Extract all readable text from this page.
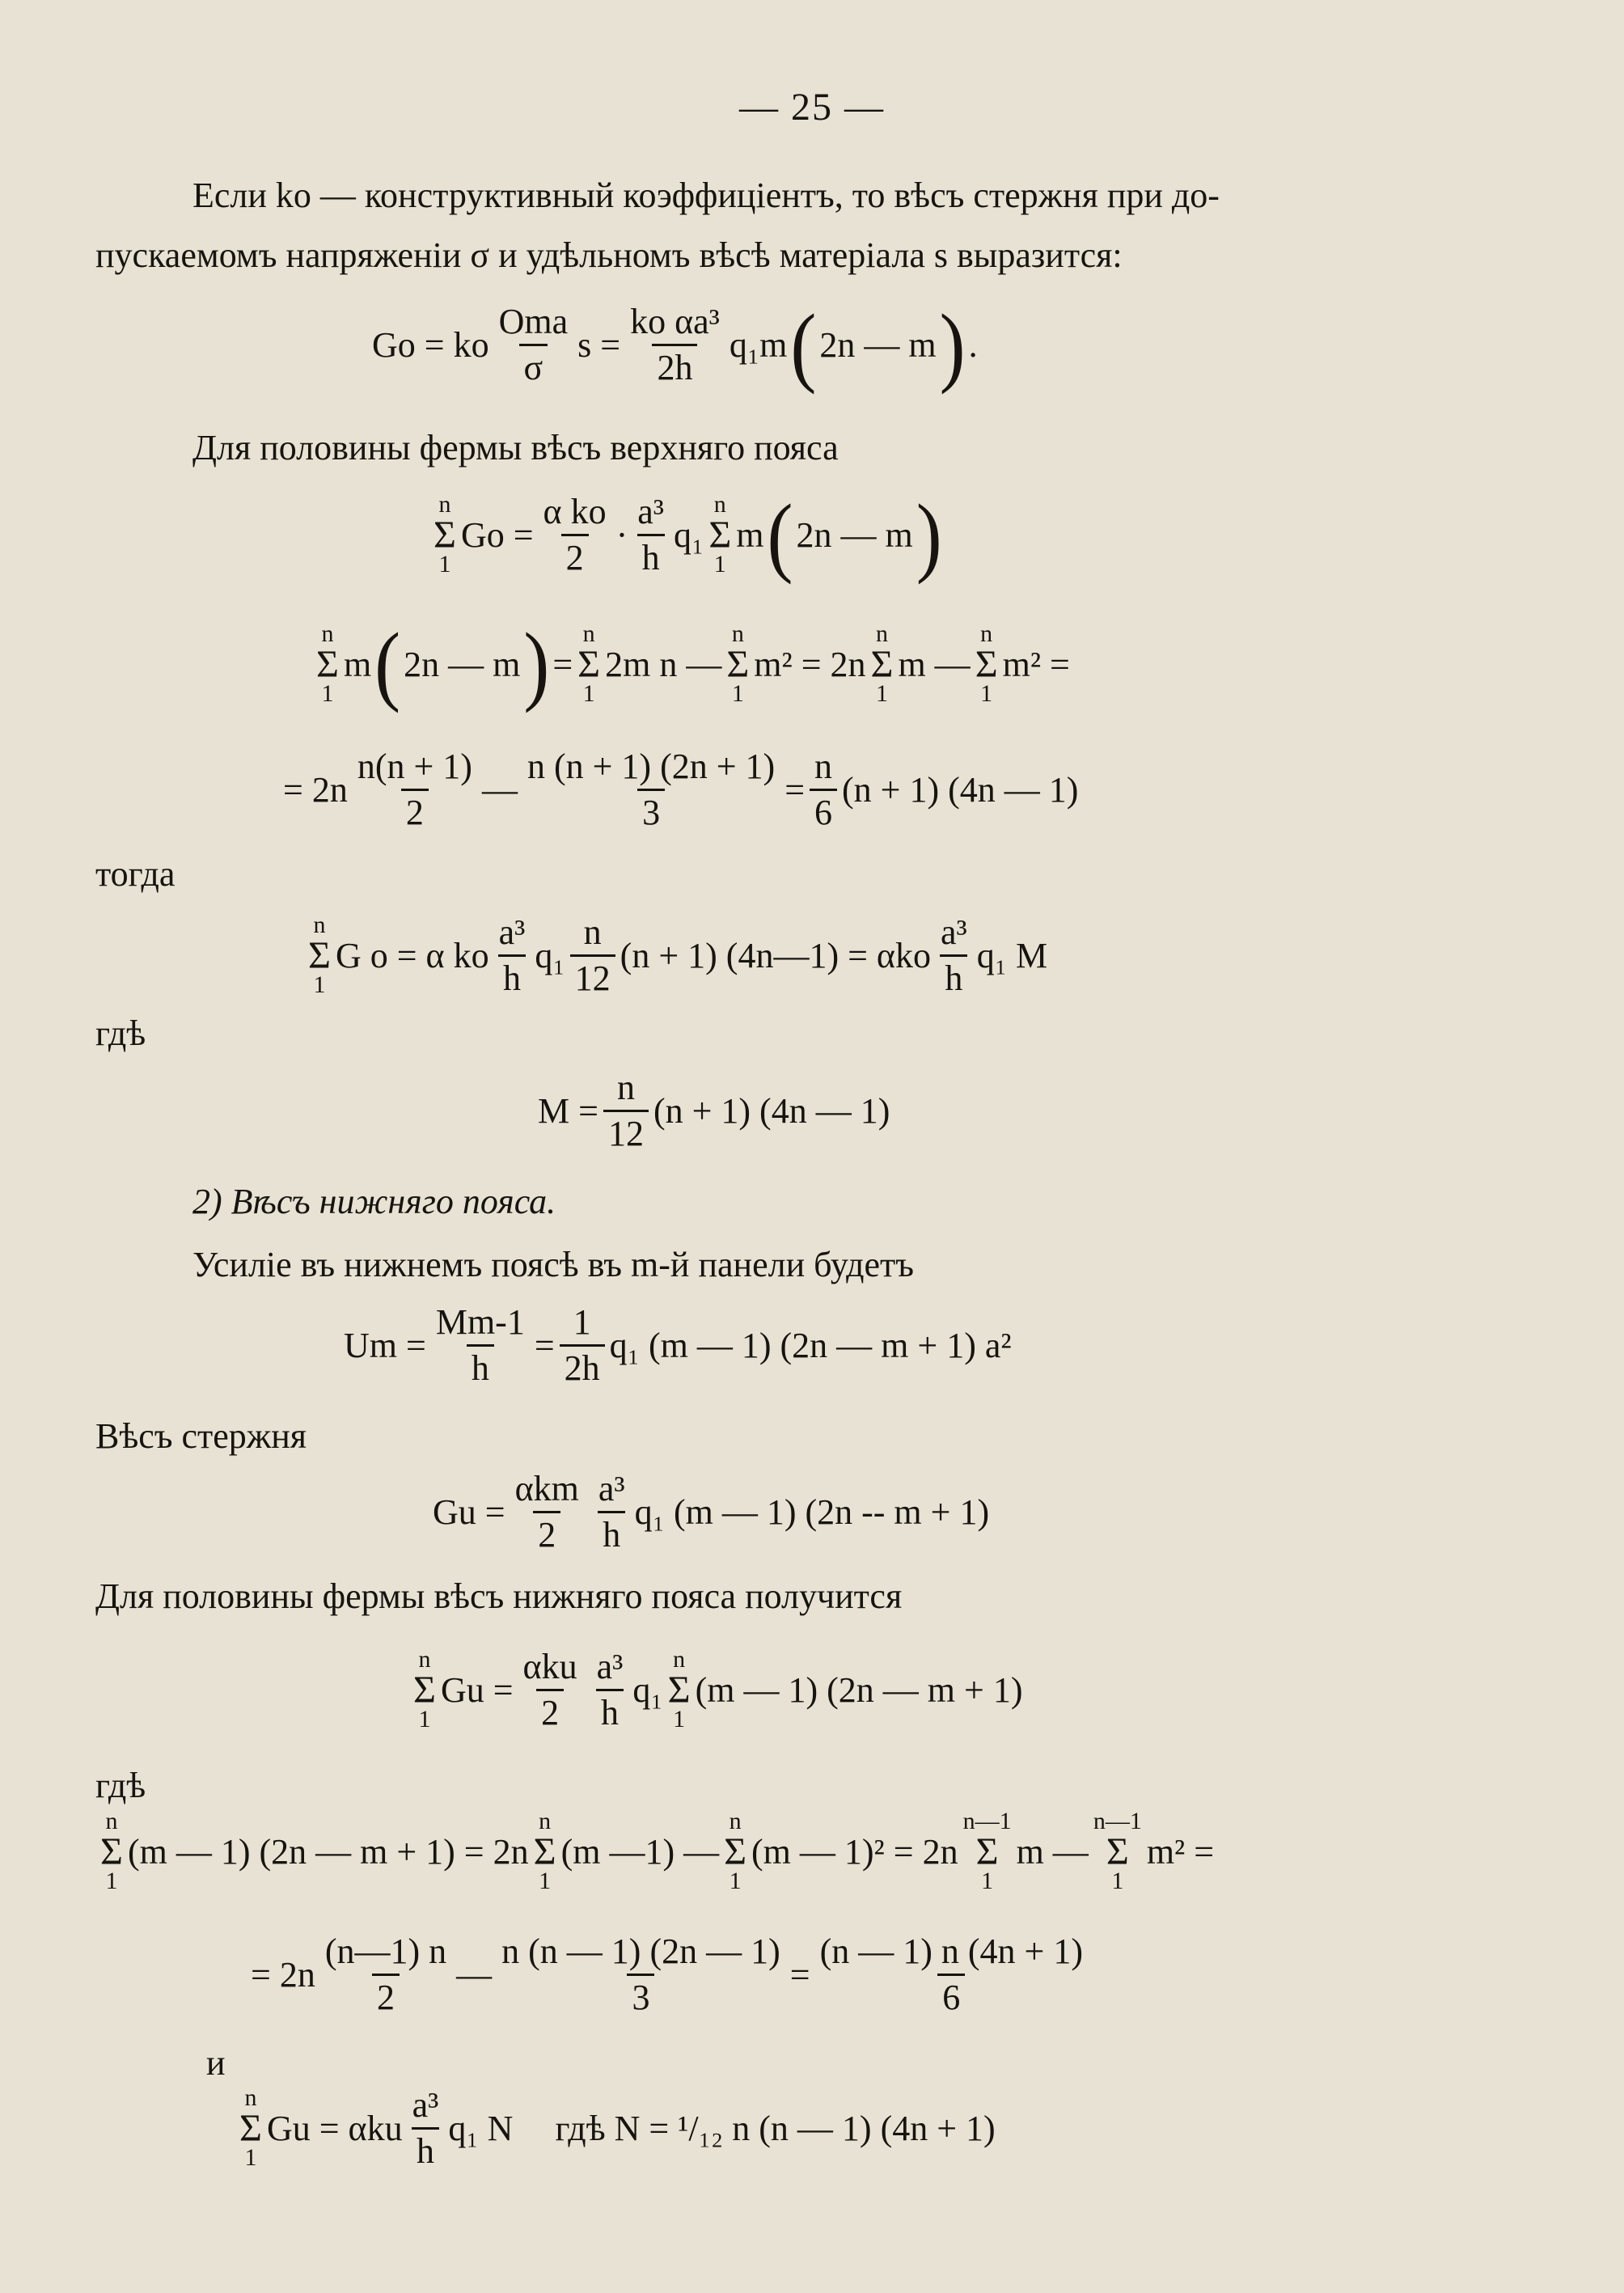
— 25 —
Если ko — конструктивный коэффиціентъ, то вѣсъ стержня при до-
пускаемомъ напряженіи σ и удѣльномъ вѣсѣ матеріала s выразится:
Go = ko $\frac{\text{Oma}}{\sigma}$ $s = \frac{\text{ko αa³}}{2h} q_1m$ ( 2n — m ) .
Для половины фермы вѣсъ верхняго пояса
n
Σ
1
$Go = \frac{\text{α ko}}{2} \cdot \frac{\text{a³}}{h} q_1$
n
Σ
1
m ( 2n — m )
n
Σ
1
m ( 2n — m ) =
n
Σ
1
2m n —
n
Σ
1
m² = 2n
n
Σ
1
m —
n
Σ
1
m² =
= $2n \frac{n(n + 1)}{2}$ — $\frac{n (n + 1) (2n + 1)}{3} = \frac{n}{6} (n + 1)$ (4n — 1)
тогда
n
Σ
1
G o = α ko $\frac{\text{a³}}{h} q_1 \frac{n}{12} (n + 1)$ (4n—1) = αko $\frac{\text{a³}}{h} q_1$ M
гдѣ
$M = \frac{n}{12} (n + 1)$ (4n — 1)
2) Вѣсъ нижняго пояса.
Усиліе въ нижнемъ поясѣ въ m-й панели будетъ
$Um = \frac{Mm-1}{h} = \frac{1}{2h} q_1$ (m — 1) (2n — m + 1) a²
Вѣсъ стержня
$Gu = \frac{\text{αkm}}{2} \frac{\text{a³}}{h} q_1$ (m — 1) (2n -- m + 1)
Для половины фермы вѣсъ нижняго пояса получится
n
Σ
1
$Gu = \frac{\text{αku}}{2} \frac{\text{a³}}{h} q_1$
n
Σ
1
(m — 1) (2n — m + 1)
гдѣ
n
Σ
1
(m — 1) (2n — m + 1) = 2n
n
Σ
1
(m —1) —
n
Σ
1
(m — 1)² = 2n
n—1
Σ
1
m —
n—1
Σ
1
m² =
= $2n \frac{(n—1) n}{2}$ — $\frac{n (n — 1) (2n — 1)}{3} = \frac{(n — 1) n (4n + 1)}{6}$
и
n
Σ
1
Gu = αku $\frac{\text{a³}}{h} q_1$ N гдѣ N = ¹/₁₂ n (n — 1) (4n + 1)
